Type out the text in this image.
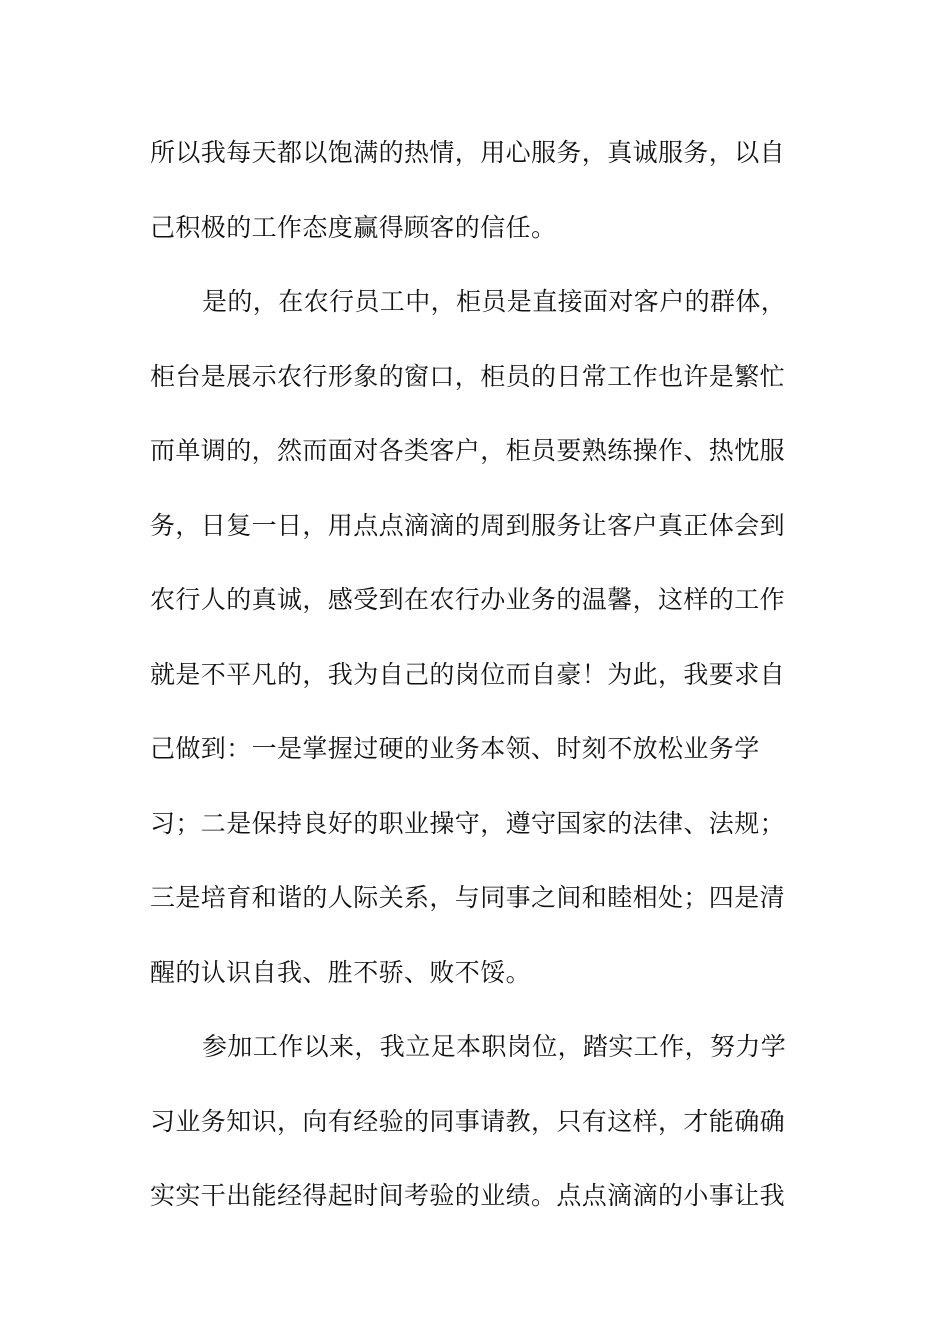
所以我每天都以饱满的热情，用心服务，真诚服务，以自
己积极的工作态度赢得顾客的信任。
是的，在农行员工中，柜员是直接面对客户的群体，
柜台是展示农行形象的窗口，柜员的日常工作也许是繁忙
而单调的，然而面对各类客户，柜员要熟练操作、热忱服
务，日复一日，用点点滴滴的周到服务让客户真正体会到
农行人的真诚，感受到在农行办业务的温馨，这样的工作
就是不平凡的，我为自己的岗位而自豪！为此，我要求自
己做到：一是掌握过硬的业务本领、时刻不放松业务学
习；二是保持良好的职业操守，遵守国家的法律、法规；
三是培育和谐的人际关系，与同事之间和睦相处；四是清
醒的认识自我、胜不骄、败不馁。
参加工作以来，我立足本职岗位，踏实工作，努力学
习业务知识，向有经验的同事请教，只有这样，才能确确
实实干出能经得起时间考验的业绩。点点滴滴的小事让我
